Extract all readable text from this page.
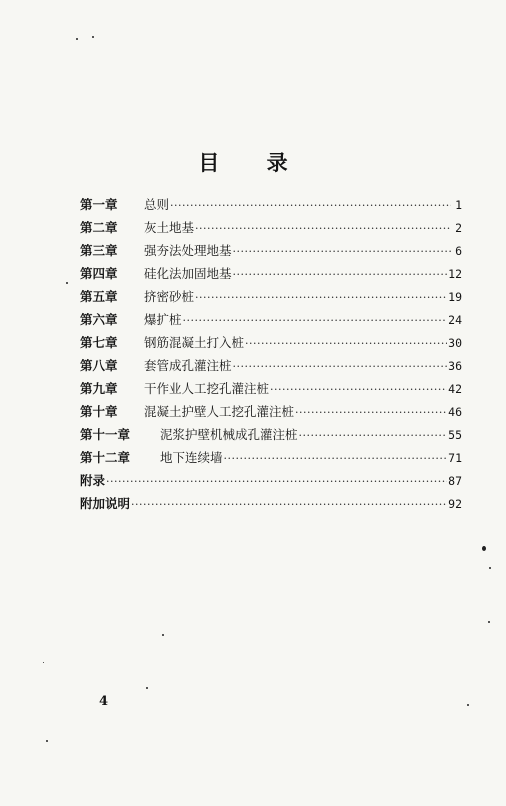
目 录
第一章	总则 ·····	1
第二章	灰土地基 ·····	2
第三章	强夯法处理地基 ·····	6
第四章	硅化法加固地基 ·····	12
第五章	挤密砂桩 ·····	19
第六章	爆扩桩 ·····	24
第七章	钢筋混凝土打入桩 ·····	30
第八章	套管成孔灌注桩 ·····	36
第九章	干作业人工挖孔灌注桩 ·····	42
第十章	混凝土护壁人工挖孔灌注桩 ·····	46
第十一章	泥浆护壁机械成孔灌注桩 ·····	55
第十二章	地下连续墙 ·····	71
附录 ·····	87
附加说明 ·····	92
4
